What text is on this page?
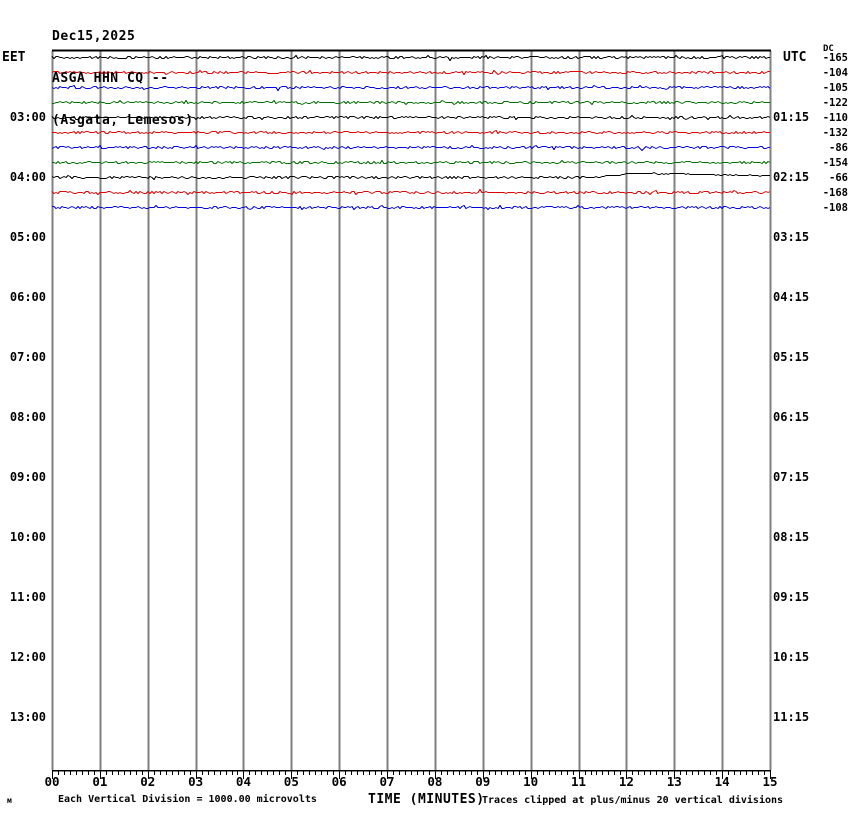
Dec15,2025

ASGA HHN CQ --

(Asgata, Lemesos)

EET	UTC
DC
03:00
04:00
05:00
06:00
07:00
08:00
09:00
10:00
11:00
12:00
13:00
01:15
02:15
03:15
04:15
05:15
06:15
07:15
08:15
09:15
10:15
11:15
-165
-104
-105
-122
-110
-132
-86
-154
-66
-168
-108
00	01	02	03	04	05	06	07	08	09	10	11	12	13	14	15
TIME (MINUTES)
Each Vertical Division = 1000.00 microvolts	Traces clipped at plus/minus 20 vertical divisions
м
